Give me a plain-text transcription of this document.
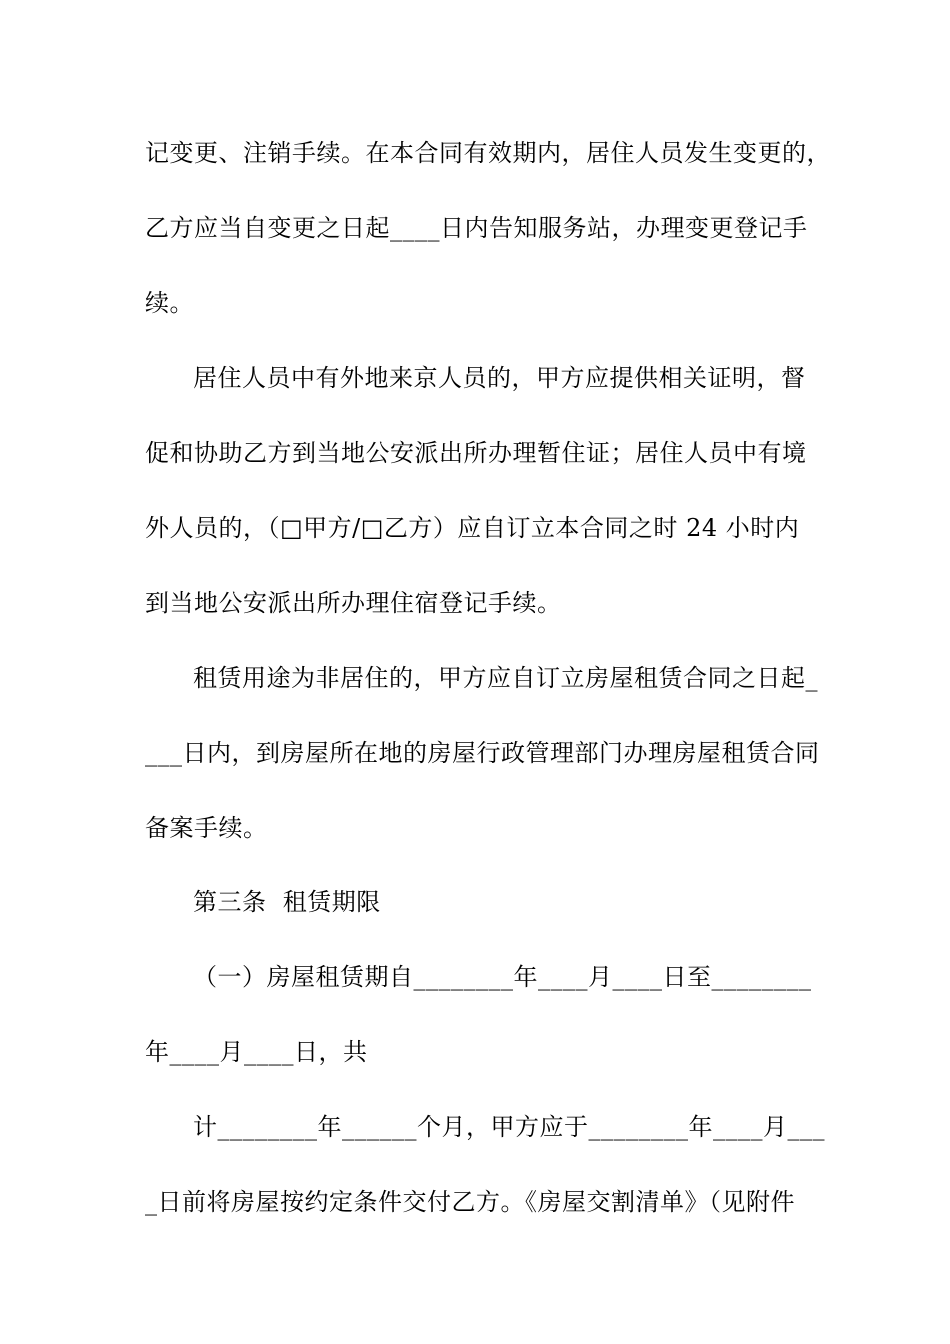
记变更、注销手续。在本合同有效期内，居住人员发生变更的，
乙方应当自变更之日起____日内告知服务站，办理变更登记手
续。
居住人员中有外地来京人员的，甲方应提供相关证明，督
促和协助乙方到当地公安派出所办理暂住证；居住人员中有境
外人员的，（□甲方/□乙方）应自订立本合同之时 24 小时内
到当地公安派出所办理住宿登记手续。
租赁用途为非居住的，甲方应自订立房屋租赁合同之日起_
___日内，到房屋所在地的房屋行政管理部门办理房屋租赁合同
备案手续。
第三条  租赁期限
（一）房屋租赁期自________年____月____日至________
年____月____日，共
计________年______个月，甲方应于________年____月___
_日前将房屋按约定条件交付乙方。《房屋交割清单》（见附件
